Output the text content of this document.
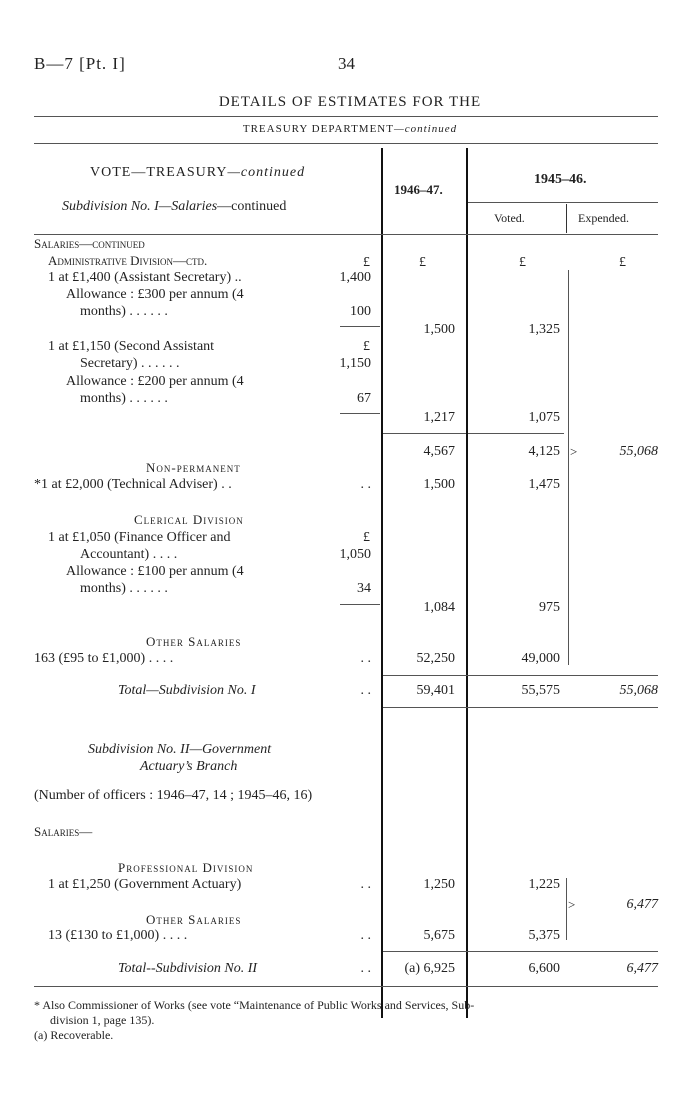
B—7 [Pt. I]	34
DETAILS OF ESTIMATES FOR THE
TREASURY DEPARTMENT—continued
1946–47.
1945–46.
Voted.	Expended.
VOTE—TREASURY—continued
Subdivision No. I—Salaries—continued
Salaries—continued
Administrative Division—ctd.	£	£	£	£
1 at £1,400 (Assistant Secretary) ..	1,400
Allowance : £300 per annum (4
months) . . . . . .	100
1,500	1,325
£
1 at £1,150 (Second Assistant
Secretary) . . . . . .	1,150
Allowance : £200 per annum (4
months) . . . . . .	67
1,217	1,075
4,567	4,125	55,068
>
Non-permanent
*1 at £2,000 (Technical Adviser) . .	. .	1,500	1,475
Clerical Division
£
1 at £1,050 (Finance Officer and
Accountant) . . . .	1,050
Allowance : £100 per annum (4
months) . . . . . .	34
1,084	975
Other Salaries
163 (£95 to £1,000) . . . .	. .	52,250	49,000
Total—Subdivision No. I	. .	59,401	55,575	55,068
Subdivision No. II—Government
Actuary’s Branch
(Number of officers : 1946–47, 14 ; 1945–46, 16)
Salaries—
Professional Division
1 at £1,250 (Government Actuary)	. .	1,250	1,225
>	6,477
Other Salaries
13 (£130 to £1,000) . . . .	. .	5,675	5,375
Total--Subdivision No. II	. .	(a) 6,925	6,600	6,477
* Also Commissioner of Works (see vote “Maintenance of Public Works and Services, Sub-
division 1, page 135).
(a) Recoverable.
